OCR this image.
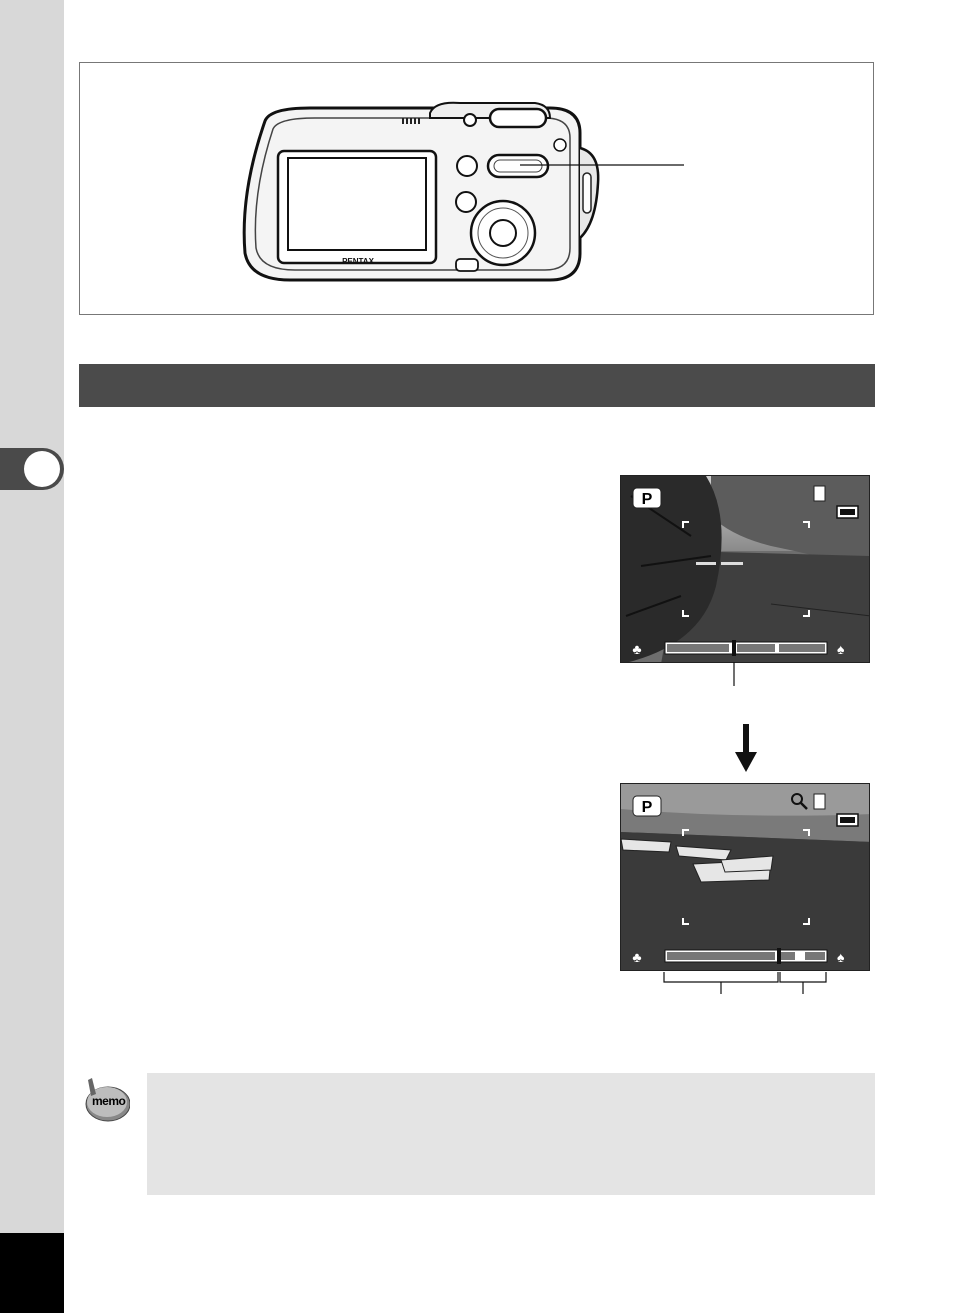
PENTAX
P
♣	♠
P
♣	♠
memo
